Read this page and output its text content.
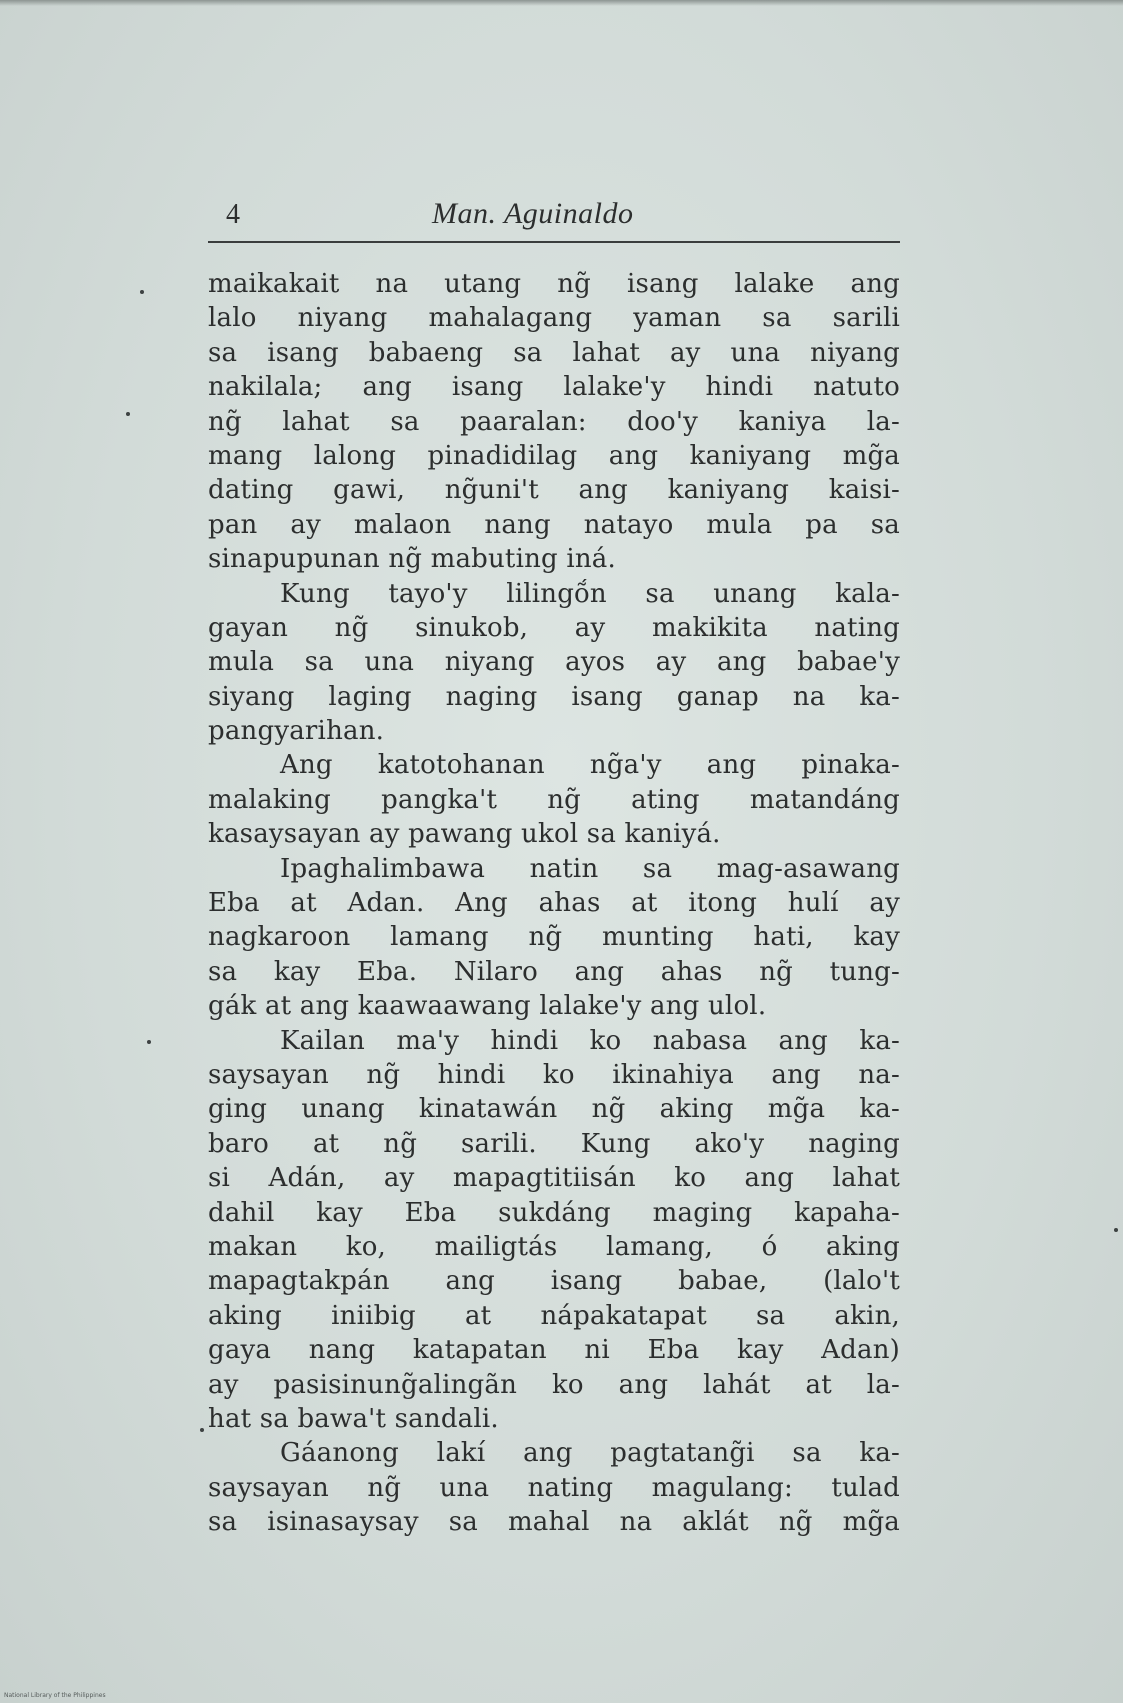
4	Man. Aguinaldo
maikakait na utang ng̃ isang lalake ang
lalo niyang mahalagang yaman sa sarili
sa isang babaeng sa lahat ay una niyang
nakilala; ang isang lalake'y hindi natuto
ng̃ lahat sa paaralan: doo'y kaniya la-
mang lalong pinadidilag ang kaniyang mg̃a
dating gawi, ng̃uni't ang kaniyang kaisi-
pan ay malaon nang natayo mula pa sa
sinapupunan ng̃ mabuting iná.
Kung tayo'y lilingṍn sa unang kala-
gayan ng̃ sinukob, ay makikita nating
mula sa una niyang ayos ay ang babae'y
siyang laging naging isang ganap na ka-
pangyarihan.
Ang katotohanan ng̃a'y ang pinaka-
malaking pangka't ng̃ ating matandáng
kasaysayan ay pawang ukol sa kaniyá.
Ipaghalimbawa natin sa mag-asawang
Eba at Adan. Ang ahas at itong hulí ay
nagkaroon lamang ng̃ munting hati, kay
sa kay Eba. Nilaro ang ahas ng̃ tung-
gák at ang kaawaawang lalake'y ang ulol.
Kailan ma'y hindi ko nabasa ang ka-
saysayan ng̃ hindi ko ikinahiya ang na-
ging unang kinatawán ng̃ aking mg̃a ka-
baro at ng̃ sarili. Kung ako'y naging
si Adán, ay mapagtitiisán ko ang lahat
dahil kay Eba sukdáng maging kapaha-
makan ko, mailigtás lamang, ó aking
mapagtakpán ang isang babae, (lalo't
aking iniibig at nápakatapat sa akin,
gaya nang katapatan ni Eba kay Adan)
ay pasisinung̃alingãn ko ang lahát at la-
hat sa bawa't sandali.
Gáanong lakí ang pagtatang̃i sa ka-
saysayan ng̃ una nating magulang: tulad
sa isinasaysay sa mahal na aklát ng̃ mg̃a
National Library of the Philippines
